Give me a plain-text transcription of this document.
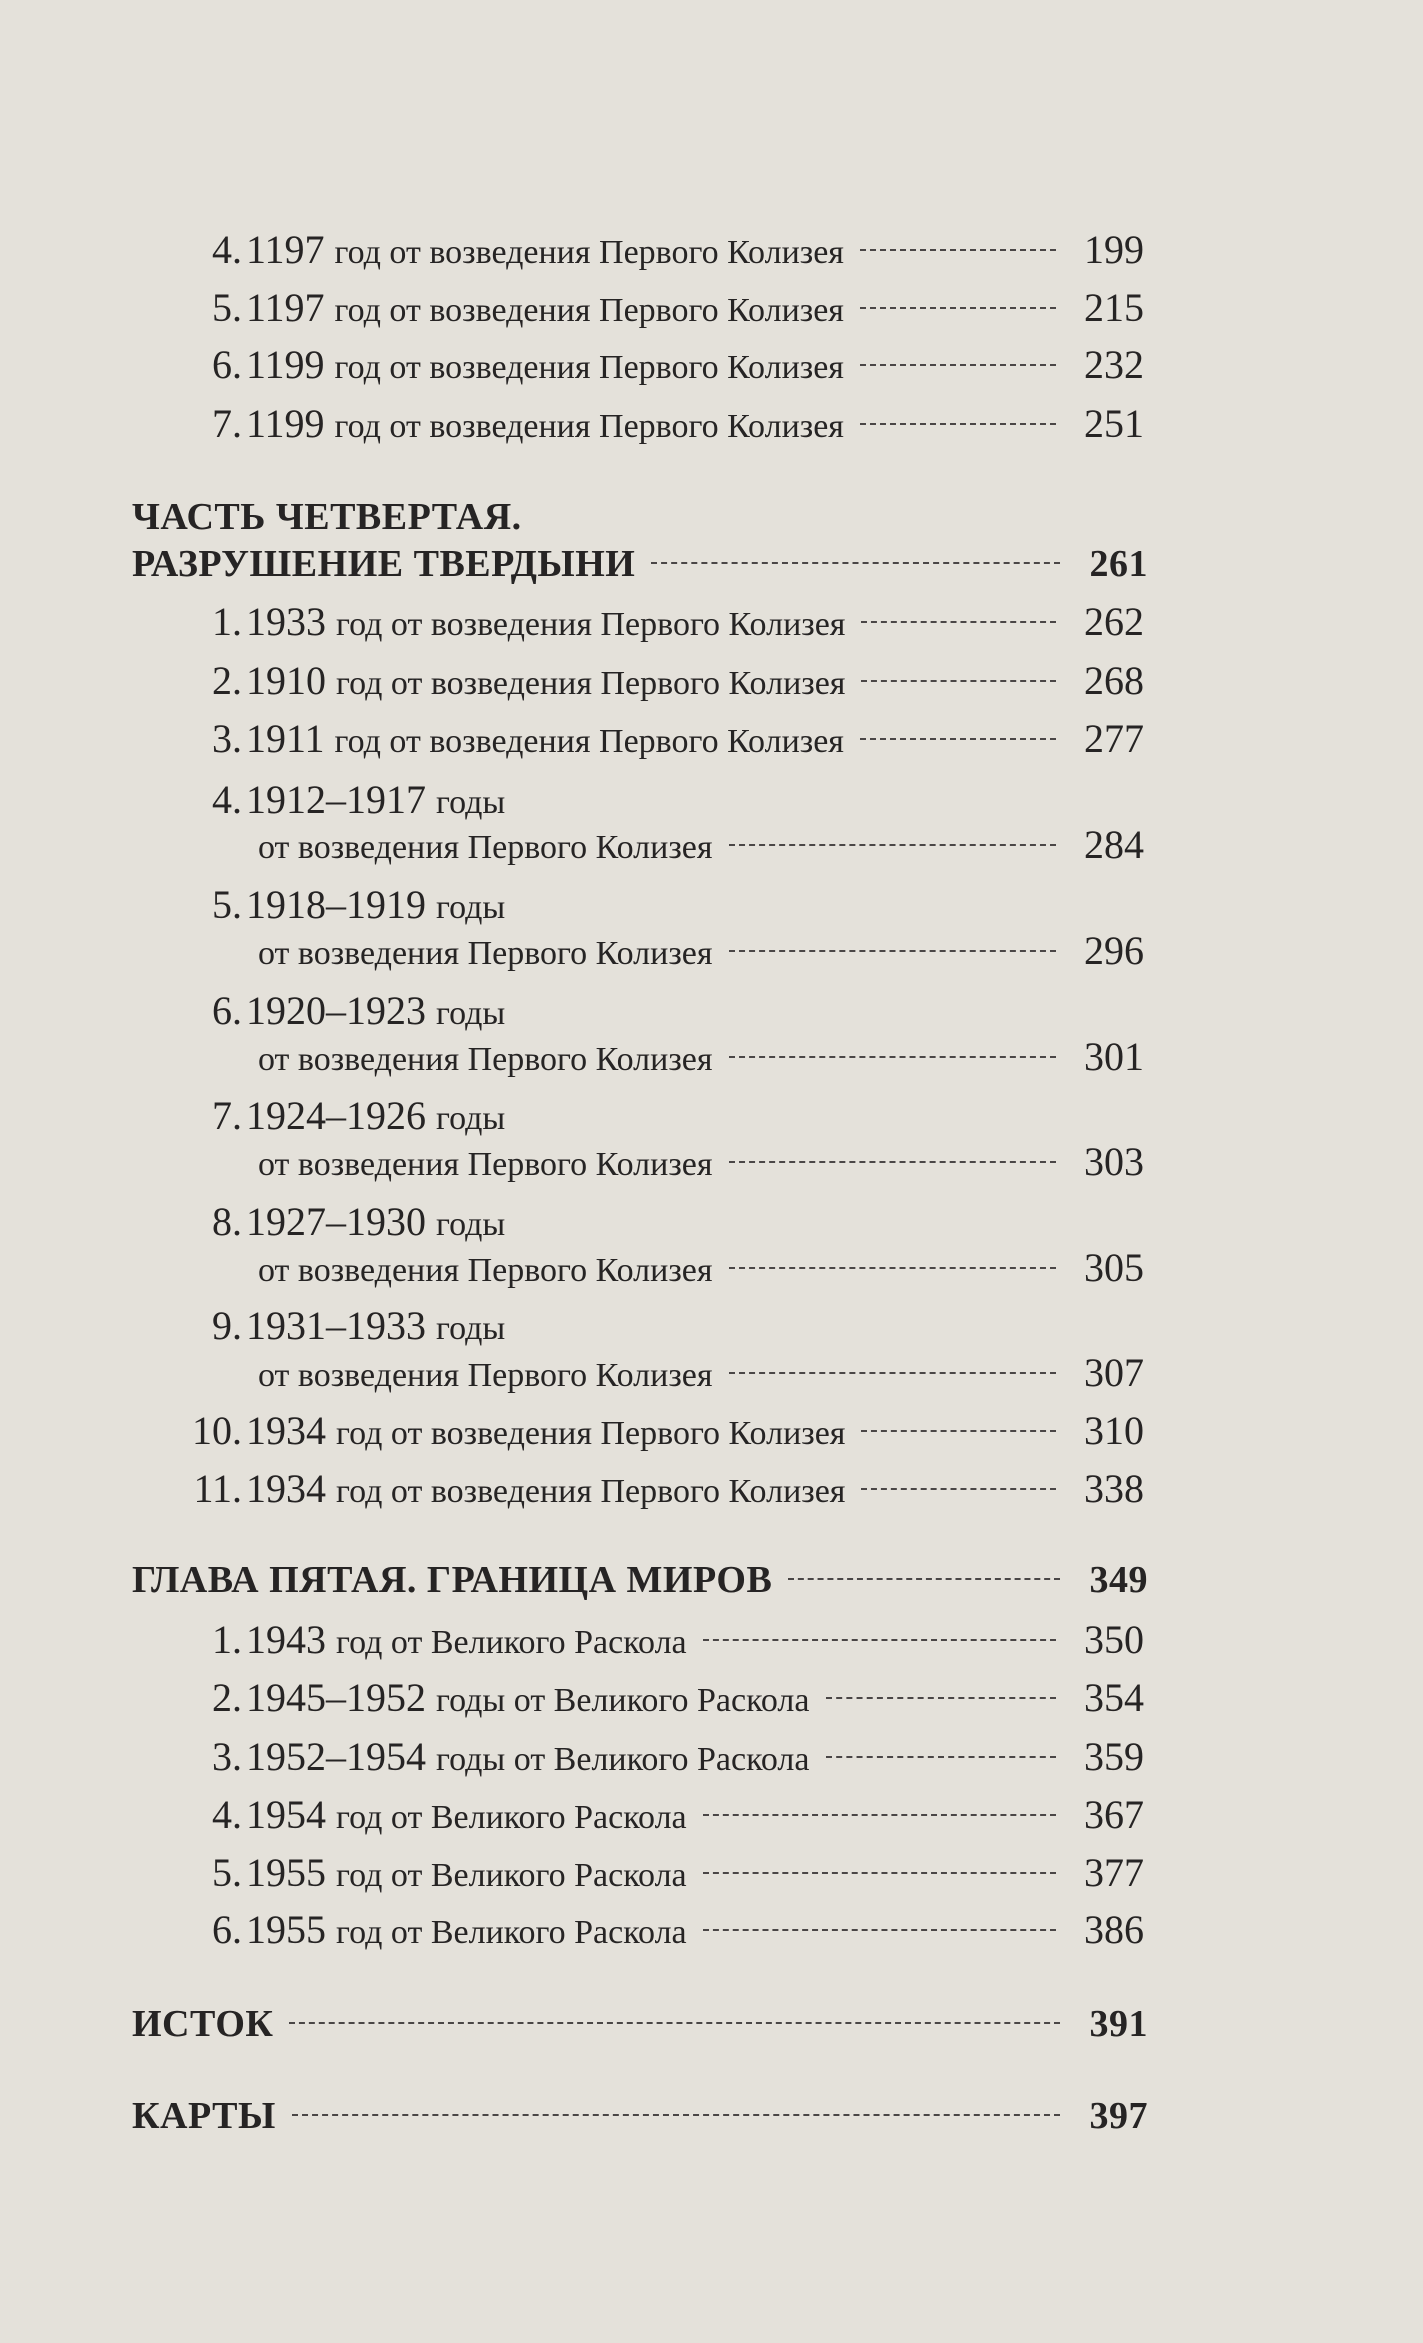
4. 1197 год от возведения Первого Колизея	199
5. 1197 год от возведения Первого Колизея	215
6. 1199 год от возведения Первого Колизея	232
7. 1199 год от возведения Первого Колизея	251
ЧАСТЬ ЧЕТВЕРТАЯ.
РАЗРУШЕНИЕ ТВЕРДЫНИ	261
1. 1933 год от возведения Первого Колизея	262
2. 1910 год от возведения Первого Колизея	268
3. 1911 год от возведения Первого Колизея	277
4. 1912–1917 годы
от возведения Первого Колизея	284
5. 1918–1919 годы
от возведения Первого Колизея	296
6. 1920–1923 годы
от возведения Первого Колизея	301
7. 1924–1926 годы
от возведения Первого Колизея	303
8. 1927–1930 годы
от возведения Первого Колизея	305
9. 1931–1933 годы
от возведения Первого Колизея	307
10. 1934 год от возведения Первого Колизея	310
11. 1934 год от возведения Первого Колизея	338
ГЛАВА ПЯТАЯ. ГРАНИЦА МИРОВ	349
1. 1943 год от Великого Раскола	350
2. 1945–1952 годы от Великого Раскола	354
3. 1952–1954 годы от Великого Раскола	359
4. 1954 год от Великого Раскола	367
5. 1955 год от Великого Раскола	377
6. 1955 год от Великого Раскола	386
ИСТОК	391
КАРТЫ	397
